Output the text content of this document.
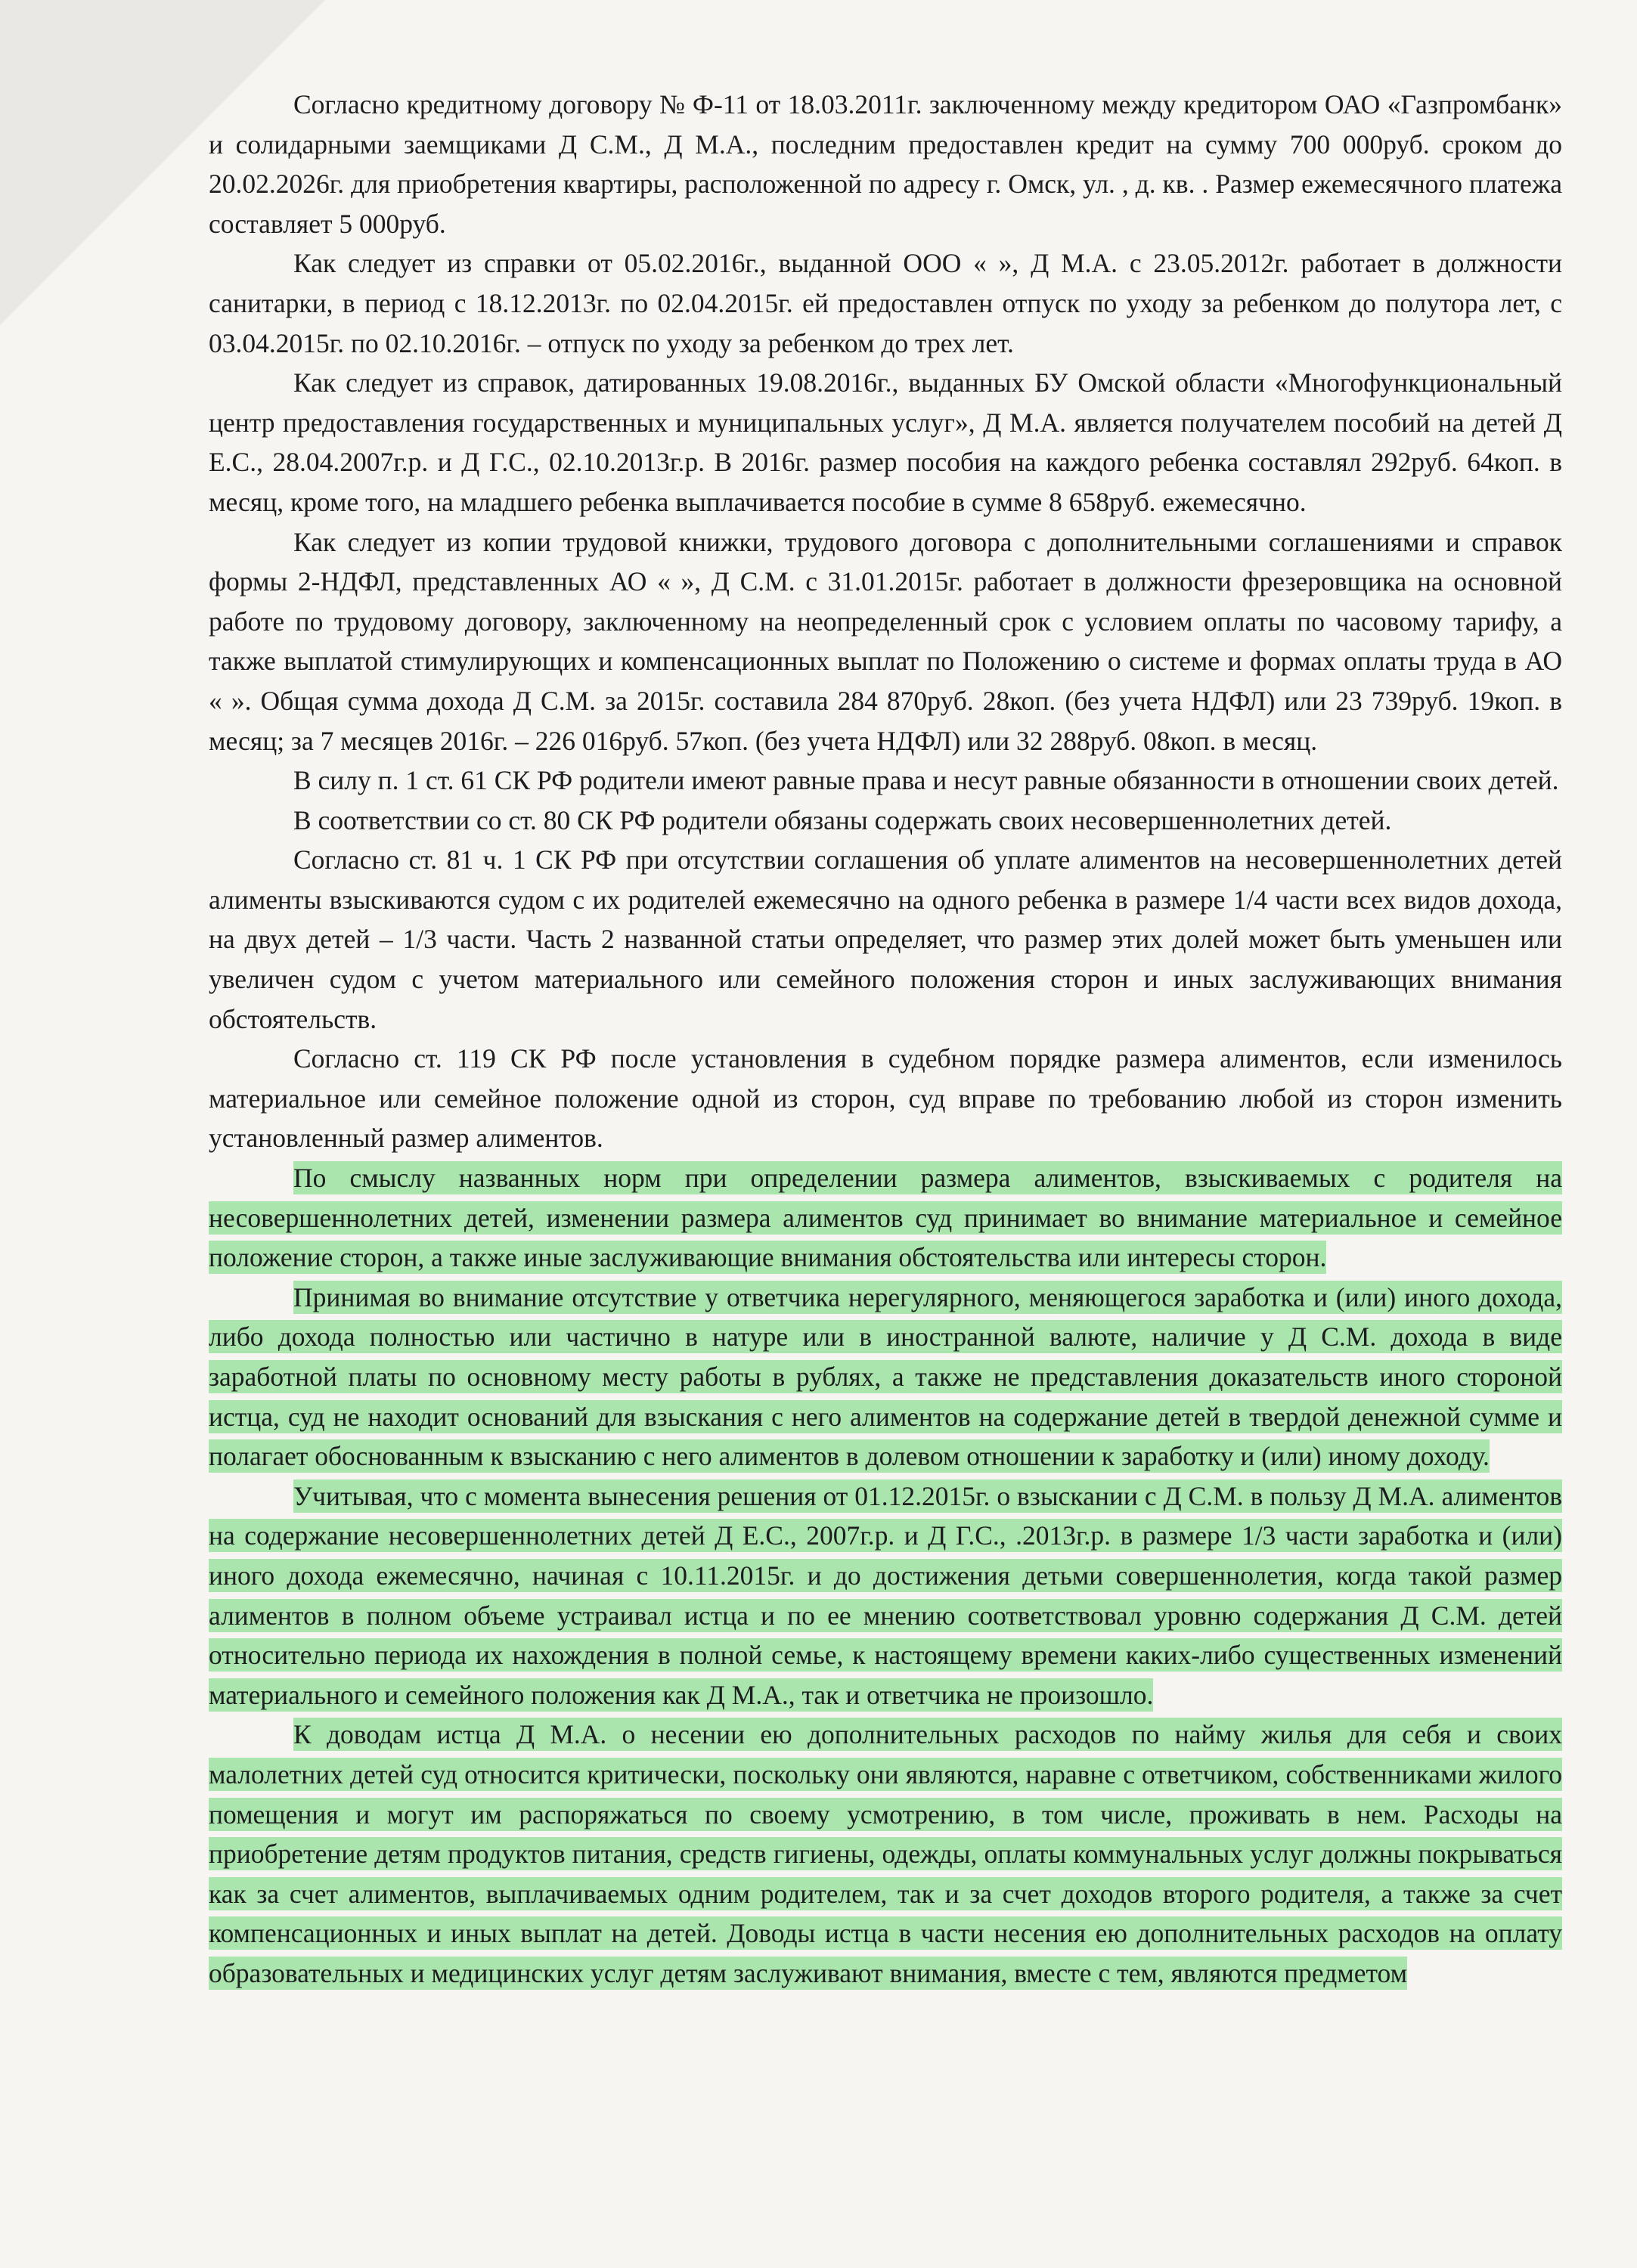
Согласно кредитному договору № Ф-11 от 18.03.2011г. заключенному между кредитором ОАО «Газпромбанк» и солидарными заемщиками Д С.М., Д М.А., последним предоставлен кредит на сумму 700 000руб. сроком до 20.02.2026г. для приобретения квартиры, расположенной по адресу г. Омск, ул. , д. кв. . Размер ежемесячного платежа составляет 5 000руб.

Как следует из справки от 05.02.2016г., выданной ООО « », Д М.А. с 23.05.2012г. работает в должности санитарки, в период с 18.12.2013г. по 02.04.2015г. ей предоставлен отпуск по уходу за ребенком до полутора лет, с 03.04.2015г. по 02.10.2016г. – отпуск по уходу за ребенком до трех лет.

Как следует из справок, датированных 19.08.2016г., выданных БУ Омской области «Многофункциональный центр предоставления государственных и муниципальных услуг», Д М.А. является получателем пособий на детей Д Е.С., 28.04.2007г.р. и Д Г.С., 02.10.2013г.р. В 2016г. размер пособия на каждого ребенка составлял 292руб. 64коп. в месяц, кроме того, на младшего ребенка выплачивается пособие в сумме 8 658руб. ежемесячно.

Как следует из копии трудовой книжки, трудового договора с дополнительными соглашениями и справок формы 2-НДФЛ, представленных АО « », Д С.М. с 31.01.2015г. работает в должности фрезеровщика на основной работе по трудовому договору, заключенному на неопределенный срок с условием оплаты по часовому тарифу, а также выплатой стимулирующих и компенсационных выплат по Положению о системе и формах оплаты труда в АО « ». Общая сумма дохода Д С.М. за 2015г. составила 284 870руб. 28коп. (без учета НДФЛ) или 23 739руб. 19коп. в месяц; за 7 месяцев 2016г. – 226 016руб. 57коп. (без учета НДФЛ) или 32 288руб. 08коп. в месяц.

В силу п. 1 ст. 61 СК РФ родители имеют равные права и несут равные обязанности в отношении своих детей.

В соответствии со ст. 80 СК РФ родители обязаны содержать своих несовершеннолетних детей.

Согласно ст. 81 ч. 1 СК РФ при отсутствии соглашения об уплате алиментов на несовершеннолетних детей алименты взыскиваются судом с их родителей ежемесячно на одного ребенка в размере 1/4 части всех видов дохода, на двух детей – 1/3 части. Часть 2 названной статьи определяет, что размер этих долей может быть уменьшен или увеличен судом с учетом материального или семейного положения сторон и иных заслуживающих внимания обстоятельств.

Согласно ст. 119 СК РФ после установления в судебном порядке размера алиментов, если изменилось материальное или семейное положение одной из сторон, суд вправе по требованию любой из сторон изменить установленный размер алиментов.

По смыслу названных норм при определении размера алиментов, взыскиваемых с родителя на несовершеннолетних детей, изменении размера алиментов суд принимает во внимание материальное и семейное положение сторон, а также иные заслуживающие внимания обстоятельства или интересы сторон.

Принимая во внимание отсутствие у ответчика нерегулярного, меняющегося заработка и (или) иного дохода, либо дохода полностью или частично в натуре или в иностранной валюте, наличие у Д С.М. дохода в виде заработной платы по основному месту работы в рублях, а также не представления доказательств иного стороной истца, суд не находит оснований для взыскания с него алиментов на содержание детей в твердой денежной сумме и полагает обоснованным к взысканию с него алиментов в долевом отношении к заработку и (или) иному доходу.

Учитывая, что с момента вынесения решения от 01.12.2015г. о взыскании с Д С.М. в пользу Д М.А. алиментов на содержание несовершеннолетних детей Д Е.С., 2007г.р. и Д Г.С., .2013г.р. в размере 1/3 части заработка и (или) иного дохода ежемесячно, начиная с 10.11.2015г. и до достижения детьми совершеннолетия, когда такой размер алиментов в полном объеме устраивал истца и по ее мнению соответствовал уровню содержания Д С.М. детей относительно периода их нахождения в полной семье, к настоящему времени каких-либо существенных изменений материального и семейного положения как Д М.А., так и ответчика не произошло.

К доводам истца Д М.А. о несении ею дополнительных расходов по найму жилья для себя и своих малолетних детей суд относится критически, поскольку они являются, наравне с ответчиком, собственниками жилого помещения и могут им распоряжаться по своему усмотрению, в том числе, проживать в нем. Расходы на приобретение детям продуктов питания, средств гигиены, одежды, оплаты коммунальных услуг должны покрываться как за счет алиментов, выплачиваемых одним родителем, так и за счет доходов второго родителя, а также за счет компенсационных и иных выплат на детей. Доводы истца в части несения ею дополнительных расходов на оплату образовательных и медицинских услуг детям заслуживают внимания, вместе с тем, являются предметом
